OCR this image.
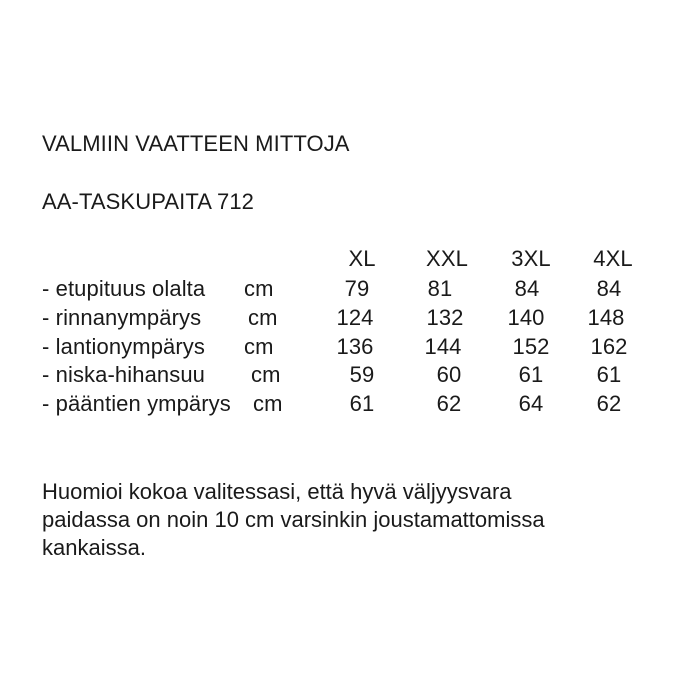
VALMIIN VAATTEEN MITTOJA
AA-TASKUPAITA 712
XL	XXL	3XL	4XL
- etupituus olalta cm	79	81	84	84
- rinnanympärys cm	124	132	140	148
- lantionympärys cm	136	144	152	162
- niska-hihansuu cm	59	60	61	61
- pääntien ympärys cm	61	62	64	62
Huomioi kokoa valitessasi, että hyvä väljyysvara
paidassa on noin 10 cm varsinkin joustamattomissa
kankaissa.
